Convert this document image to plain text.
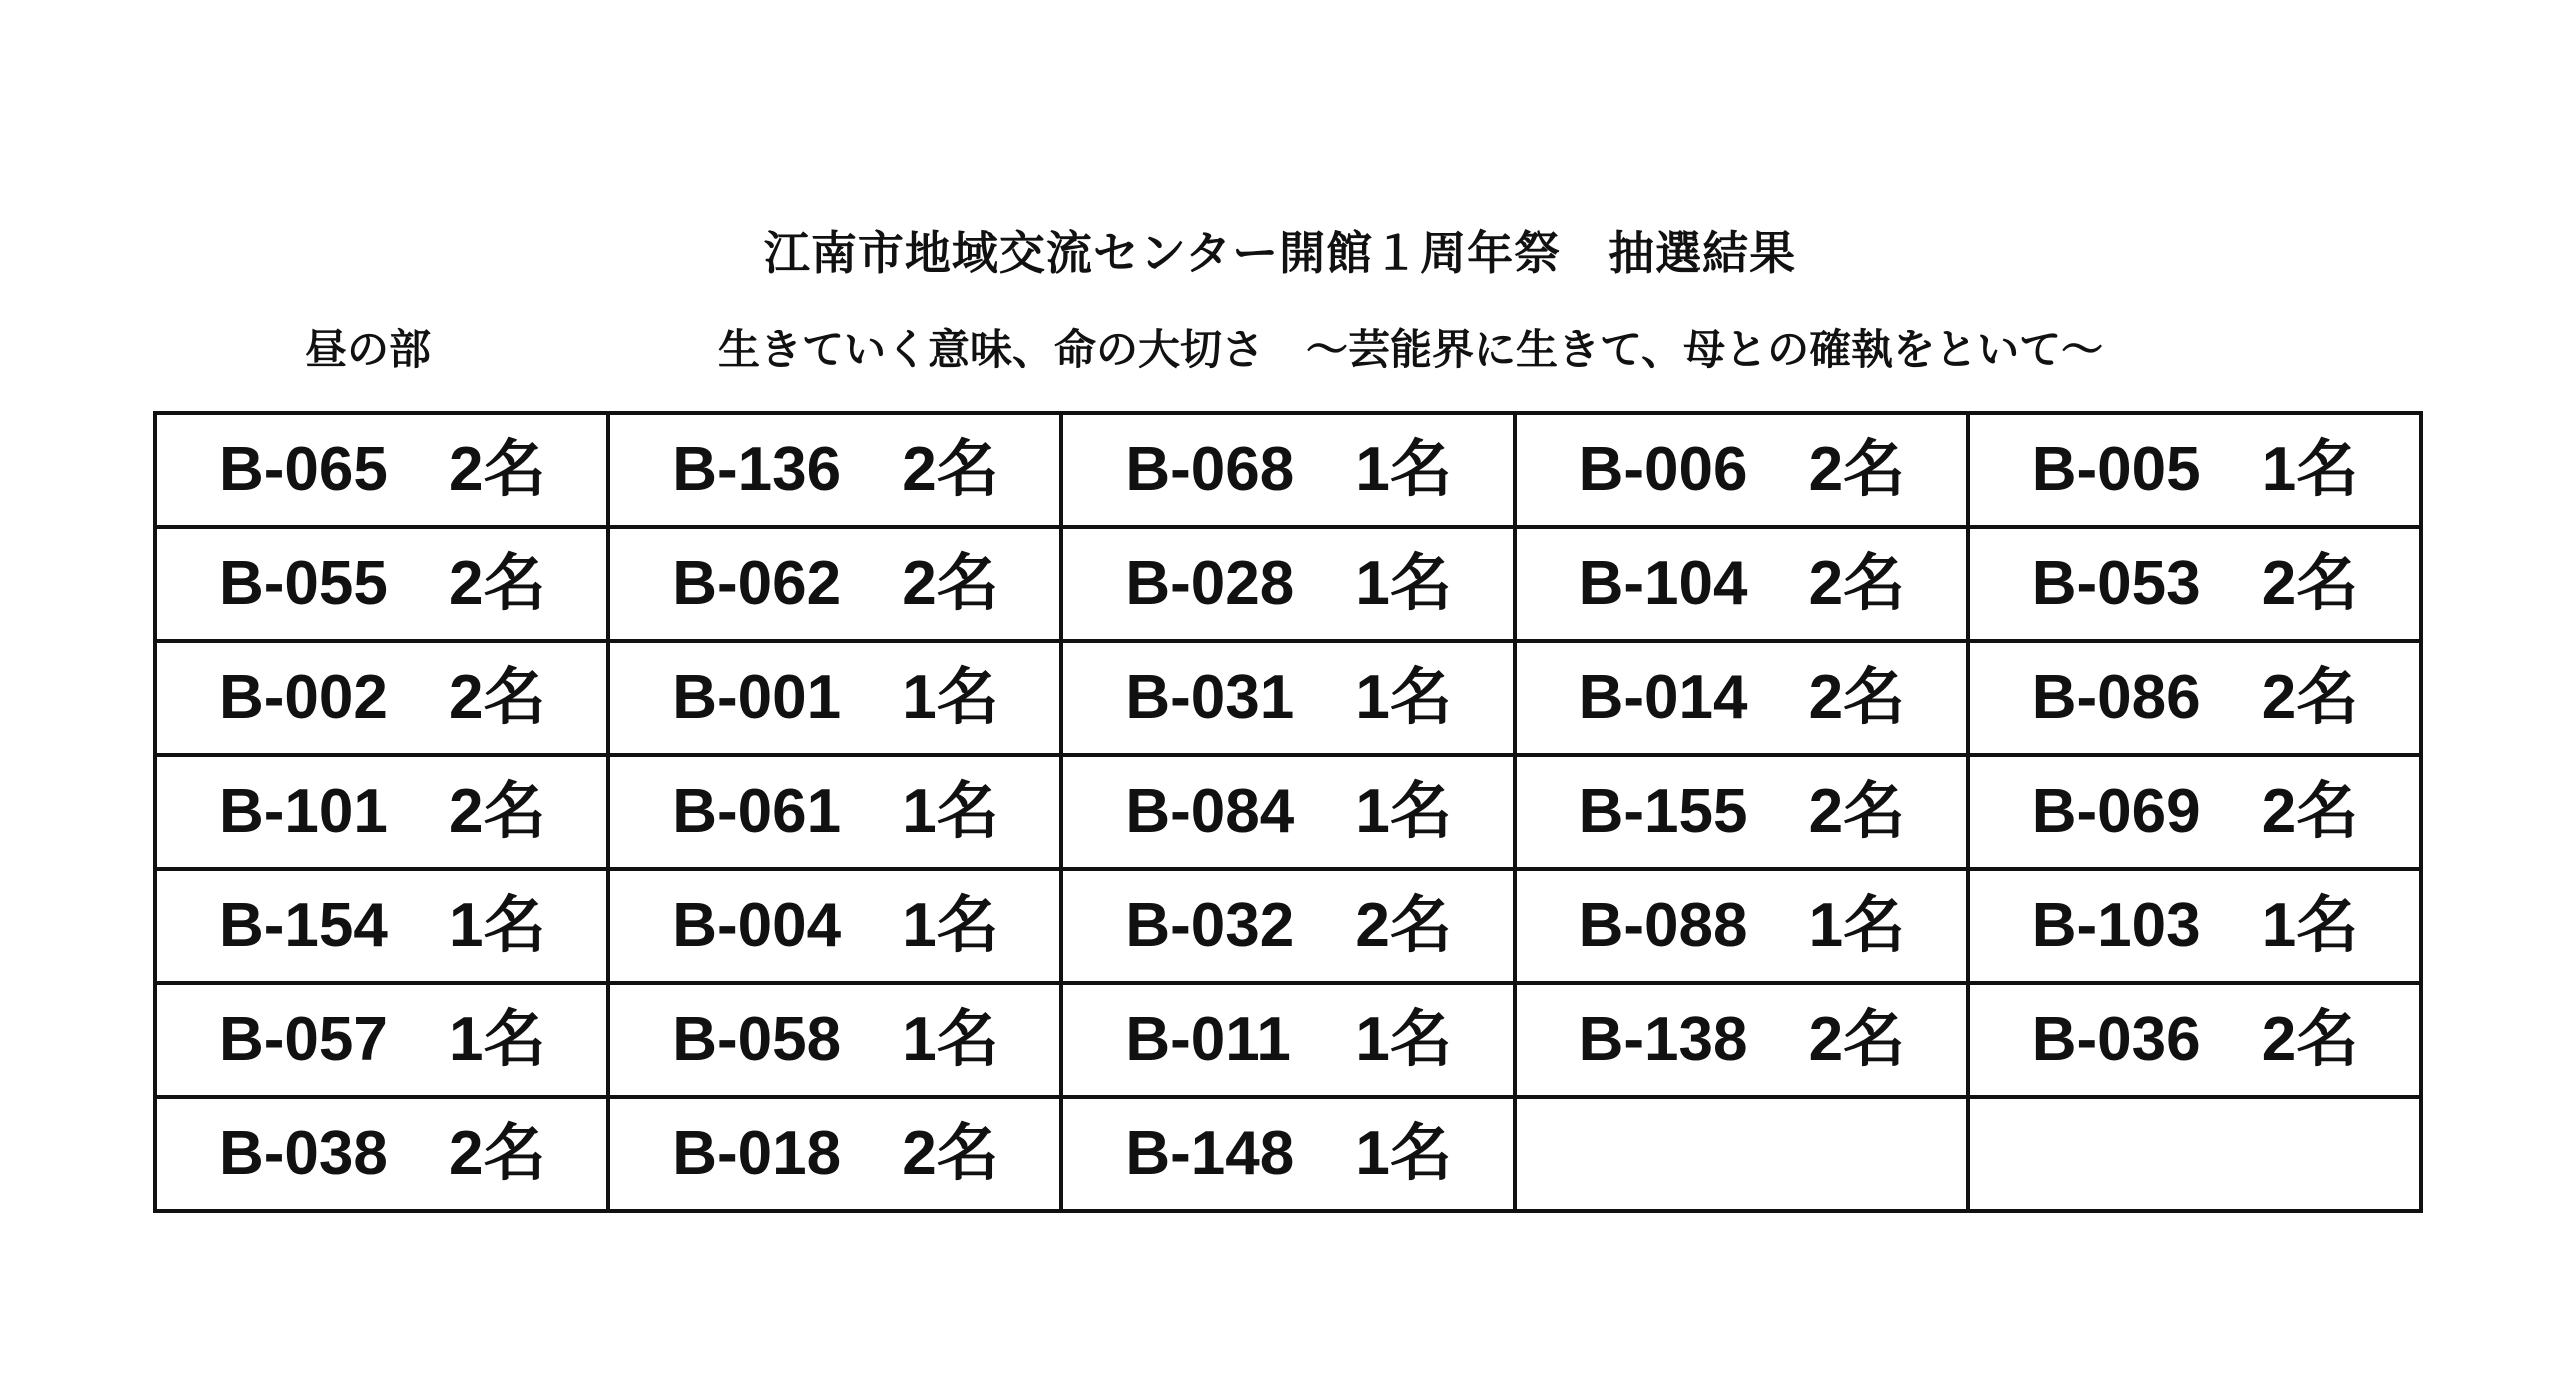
江南市地域交流センター開館１周年祭　抽選結果
昼の部	生きていく意味、命の大切さ　～芸能界に生きて、母との確執をといて～
B-065 2名	B-136 2名	B-068 1名	B-006 2名	B-005 1名

B-055 2名	B-062 2名	B-028 1名	B-104 2名	B-053 2名

B-002 2名	B-001 1名	B-031 1名	B-014 2名	B-086 2名

B-101 2名	B-061 1名	B-084 1名	B-155 2名	B-069 2名

B-154 1名	B-004 1名	B-032 2名	B-088 1名	B-103 1名

B-057 1名	B-058 1名	B-011 1名	B-138 2名	B-036 2名

B-038 2名	B-018 2名	B-148 1名		
